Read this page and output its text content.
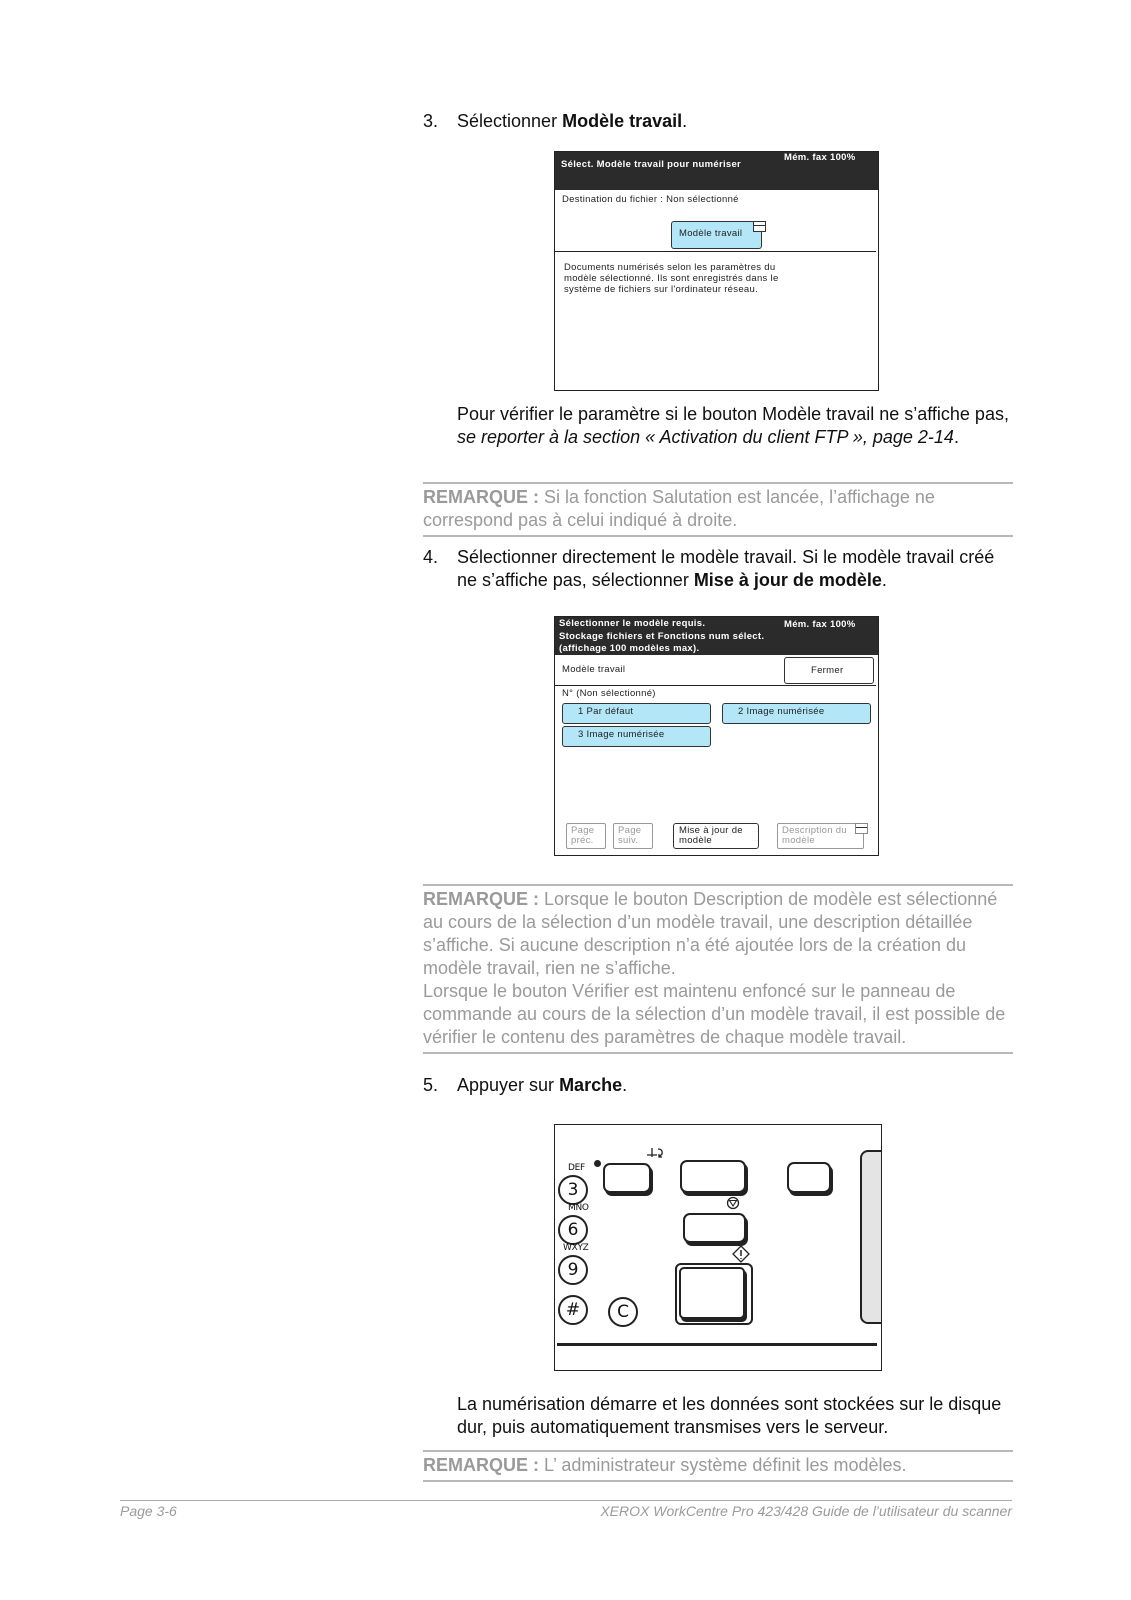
3. Sélectionner Modèle travail.
Sélect. Modèle travail pour numériser
Mém. fax 100%
Destination du fichier : Non sélectionné
Modèle travail
Documents numérisés selon les paramètres du
modèle sélectionné. Ils sont enregistrés dans le
système de fichiers sur l'ordinateur réseau.
Pour vérifier le paramètre si le bouton Modèle travail ne s’affiche pas, se reporter à la section « Activation du client FTP », page 2-14.
REMARQUE : Si la fonction Salutation est lancée, l’affichage ne correspond pas à celui indiqué à droite.
4. Sélectionner directement le modèle travail. Si le modèle travail créé ne s’affiche pas, sélectionner Mise à jour de modèle.
Sélectionner le modèle requis.
Stockage fichiers et Fonctions num sélect.
(affichage 100 modèles max).
Mém. fax 100%
Modèle travail	Fermer
N° (Non sélectionné)
1 Par défaut	2 Image numérisée
3 Image numérisée
Page
préc.
Page
suiv.
Mise à jour de
modèle
Description du
modèle
REMARQUE : Lorsque le bouton Description de modèle est sélectionné au cours de la sélection d’un modèle travail, une description détaillée s’affiche. Si aucune description n’a été ajoutée lors de la création du modèle travail, rien ne s’affiche.
Lorsque le bouton Vérifier est maintenu enfoncé sur le panneau de commande au cours de la sélection d’un modèle travail, il est possible de vérifier le contenu des paramètres de chaque modèle travail.
5. Appuyer sur Marche.
DEF
3
MNO
6
WXYZ
9
#	C
La numérisation démarre et les données sont stockées sur le disque dur, puis automatiquement transmises vers le serveur.
REMARQUE : L’ administrateur système définit les modèles.
Page 3-6	XEROX WorkCentre Pro 423/428 Guide de l’utilisateur du scanner
